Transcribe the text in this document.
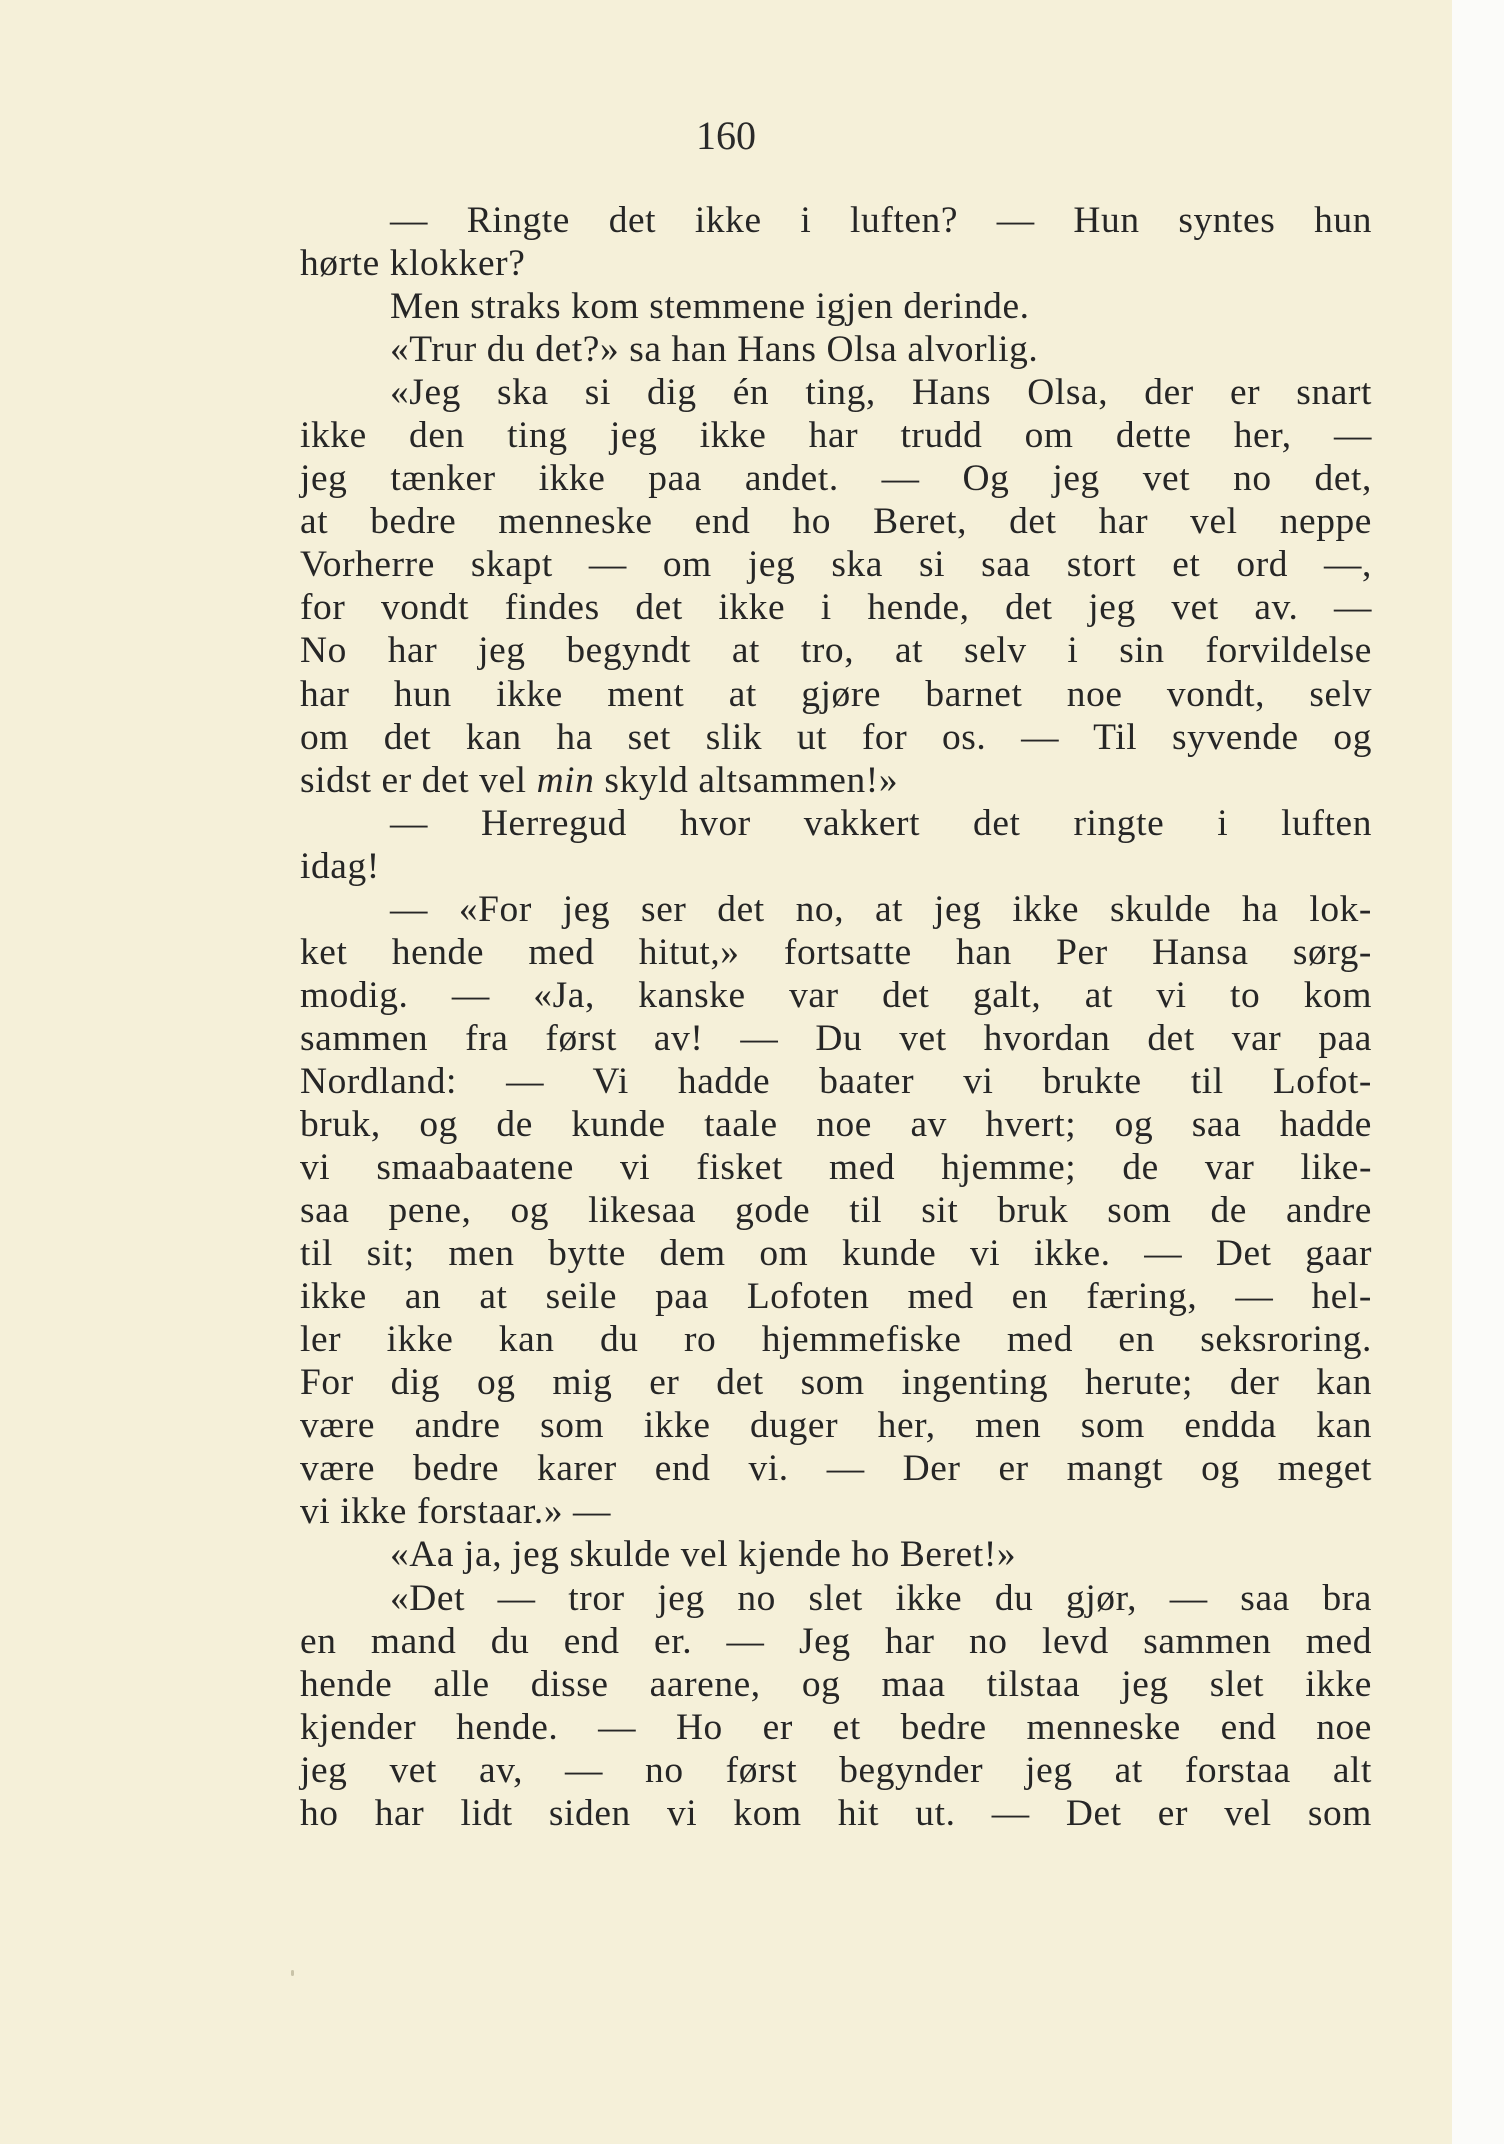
160

— Ringte det ikke i luften? — Hun syntes hun
hørte klokker?
Men straks kom stemmene igjen derinde.
«Trur du det?» sa han Hans Olsa alvorlig.
«Jeg ska si dig én ting, Hans Olsa, der er snart
ikke den ting jeg ikke har trudd om dette her, —
jeg tænker ikke paa andet. — Og jeg vet no det,
at bedre menneske end ho Beret, det har vel neppe
Vorherre skapt — om jeg ska si saa stort et ord —,
for vondt findes det ikke i hende, det jeg vet av. —
No har jeg begyndt at tro, at selv i sin forvildelse
har hun ikke ment at gjøre barnet noe vondt, selv
om det kan ha set slik ut for os. — Til syvende og
sidst er det vel min skyld altsammen!»
— Herregud hvor vakkert det ringte i luften
idag!
— «For jeg ser det no, at jeg ikke skulde ha lok-
ket hende med hitut,» fortsatte han Per Hansa sørg-
modig. — «Ja, kanske var det galt, at vi to kom
sammen fra først av! — Du vet hvordan det var paa
Nordland: — Vi hadde baater vi brukte til Lofot-
bruk, og de kunde taale noe av hvert; og saa hadde
vi smaabaatene vi fisket med hjemme; de var like-
saa pene, og likesaa gode til sit bruk som de andre
til sit; men bytte dem om kunde vi ikke. — Det gaar
ikke an at seile paa Lofoten med en færing, — hel-
ler ikke kan du ro hjemmefiske med en seksroring.
For dig og mig er det som ingenting herute; der kan
være andre som ikke duger her, men som endda kan
være bedre karer end vi. — Der er mangt og meget
vi ikke forstaar.» —
«Aa ja, jeg skulde vel kjende ho Beret!»
«Det — tror jeg no slet ikke du gjør, — saa bra
en mand du end er. — Jeg har no levd sammen med
hende alle disse aarene, og maa tilstaa jeg slet ikke
kjender hende. — Ho er et bedre menneske end noe
jeg vet av, — no først begynder jeg at forstaa alt
ho har lidt siden vi kom hit ut. — Det er vel som
